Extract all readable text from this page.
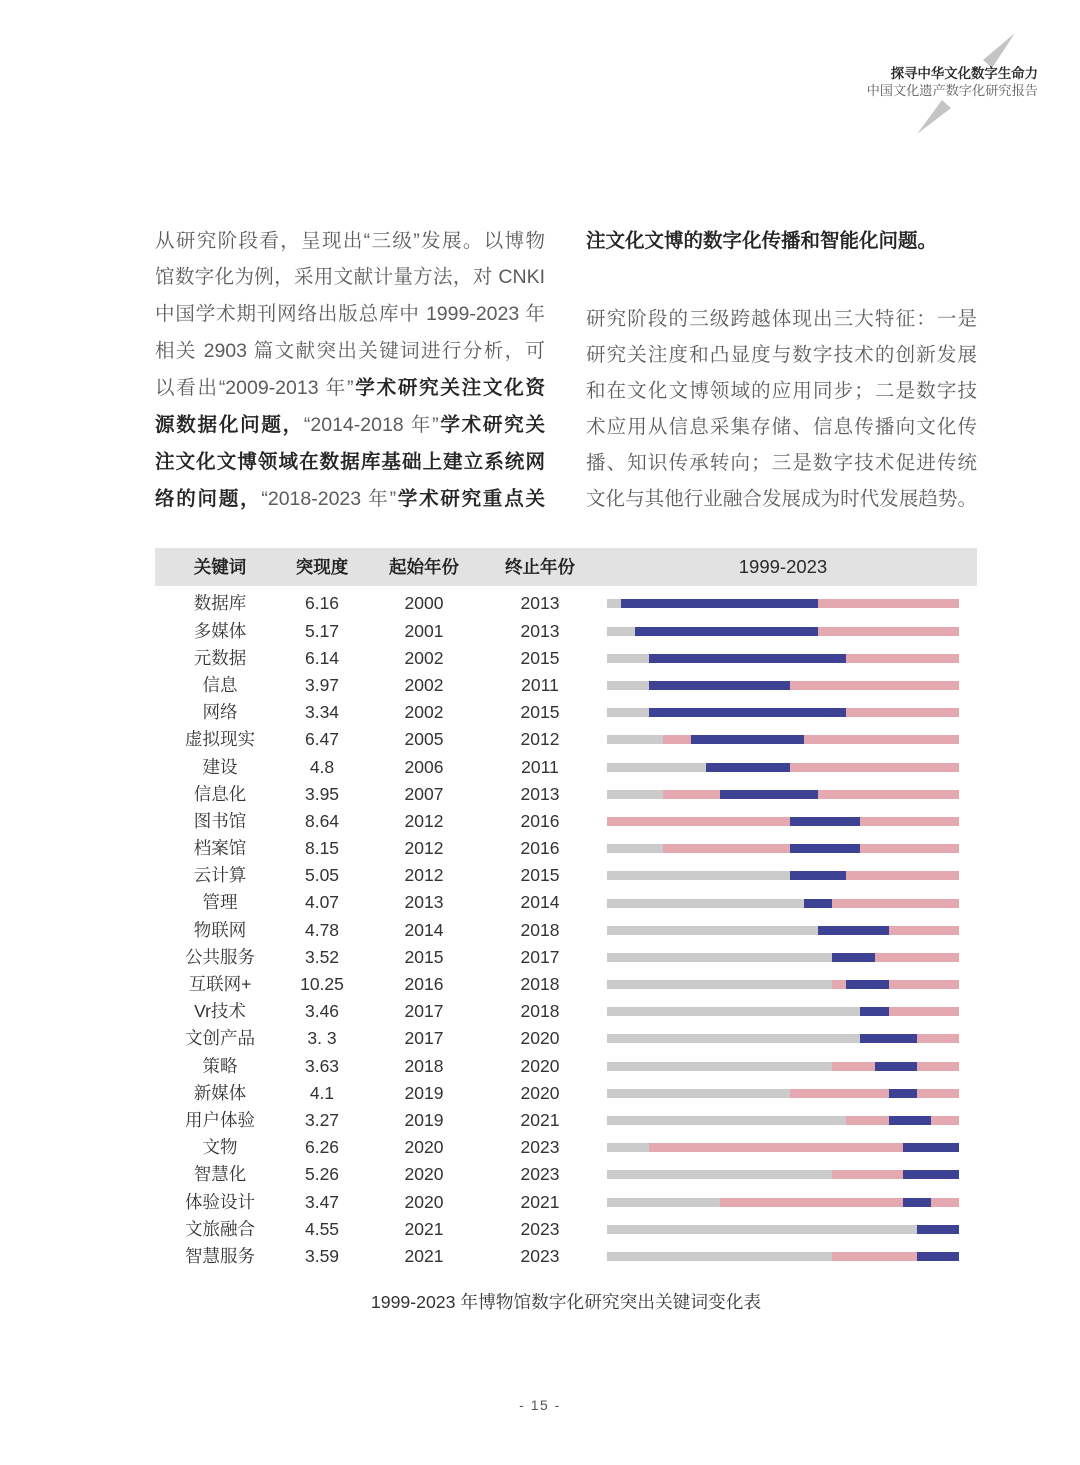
探寻中华文化数字生命力
中国文化遗产数字化研究报告
从研究阶段看，呈现出“三级”发展。以博物
馆数字化为例，采用文献计量方法，对 CNKI
中国学术期刊网络出版总库中 1999-2023 年
相关 2903 篇文献突出关键词进行分析，可
以看出“2009-2013 年”学术研究关注文化资
源数据化问题，“2014-2018 年”学术研究关
注文化文博领域在数据库基础上建立系统网
络的问题，“2018-2023 年”学术研究重点关
注文化文博的数字化传播和智能化问题。
研究阶段的三级跨越体现出三大特征：一是
研究关注度和凸显度与数字技术的创新发展
和在文化文博领域的应用同步；二是数字技
术应用从信息采集存储、信息传播向文化传
播、知识传承转向；三是数字技术促进传统
文化与其他行业融合发展成为时代发展趋势。
关键词	突现度	起始年份	终止年份	1999-2023
数据库	6.16	2000	2013
多媒体	5.17	2001	2013
元数据	6.14	2002	2015
信息	3.97	2002	2011
网络	3.34	2002	2015
虚拟现实	6.47	2005	2012
建设	4.8	2006	2011
信息化	3.95	2007	2013
图书馆	8.64	2012	2016
档案馆	8.15	2012	2016
云计算	5.05	2012	2015
管理	4.07	2013	2014
物联网	4.78	2014	2018
公共服务	3.52	2015	2017
互联网+	10.25	2016	2018
Vr技术	3.46	2017	2018
文创产品	3. 3	2017	2020
策略	3.63	2018	2020
新媒体	4.1	2019	2020
用户体验	3.27	2019	2021
文物	6.26	2020	2023
智慧化	5.26	2020	2023
体验设计	3.47	2020	2021
文旅融合	4.55	2021	2023
智慧服务	3.59	2021	2023
1999-2023 年博物馆数字化研究突出关键词变化表
- 15 -
